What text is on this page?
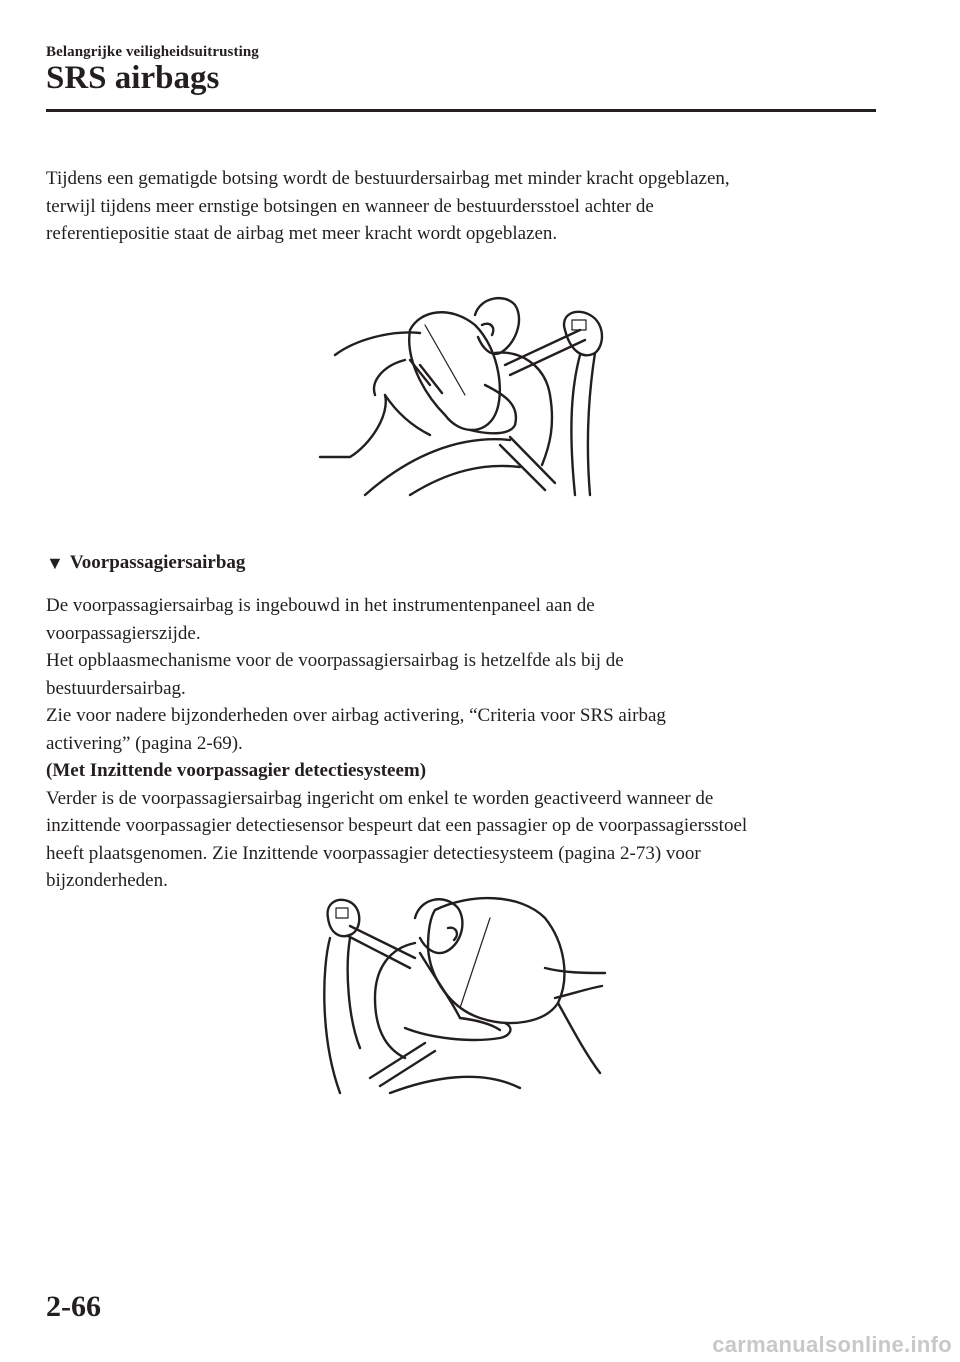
Belangrijke veiligheidsuitrusting
SRS airbags
Tijdens een gematigde botsing wordt de bestuurdersairbag met minder kracht opgeblazen,
terwijl tijdens meer ernstige botsingen en wanneer de bestuurdersstoel achter de
referentiepositie staat de airbag met meer kracht wordt opgeblazen.
▼ Voorpassagiersairbag
De voorpassagiersairbag is ingebouwd in het instrumentenpaneel aan de
voorpassagierszijde.
Het opblaasmechanisme voor de voorpassagiersairbag is hetzelfde als bij de
bestuurdersairbag.
Zie voor nadere bijzonderheden over airbag activering, “Criteria voor SRS airbag
activering” (pagina 2-69).
(Met Inzittende voorpassagier detectiesysteem)
Verder is de voorpassagiersairbag ingericht om enkel te worden geactiveerd wanneer de
inzittende voorpassagier detectiesensor bespeurt dat een passagier op de voorpassagiersstoel
heeft plaatsgenomen. Zie Inzittende voorpassagier detectiesysteem (pagina 2-73) voor
bijzonderheden.
2-66
carmanualsonline.info
